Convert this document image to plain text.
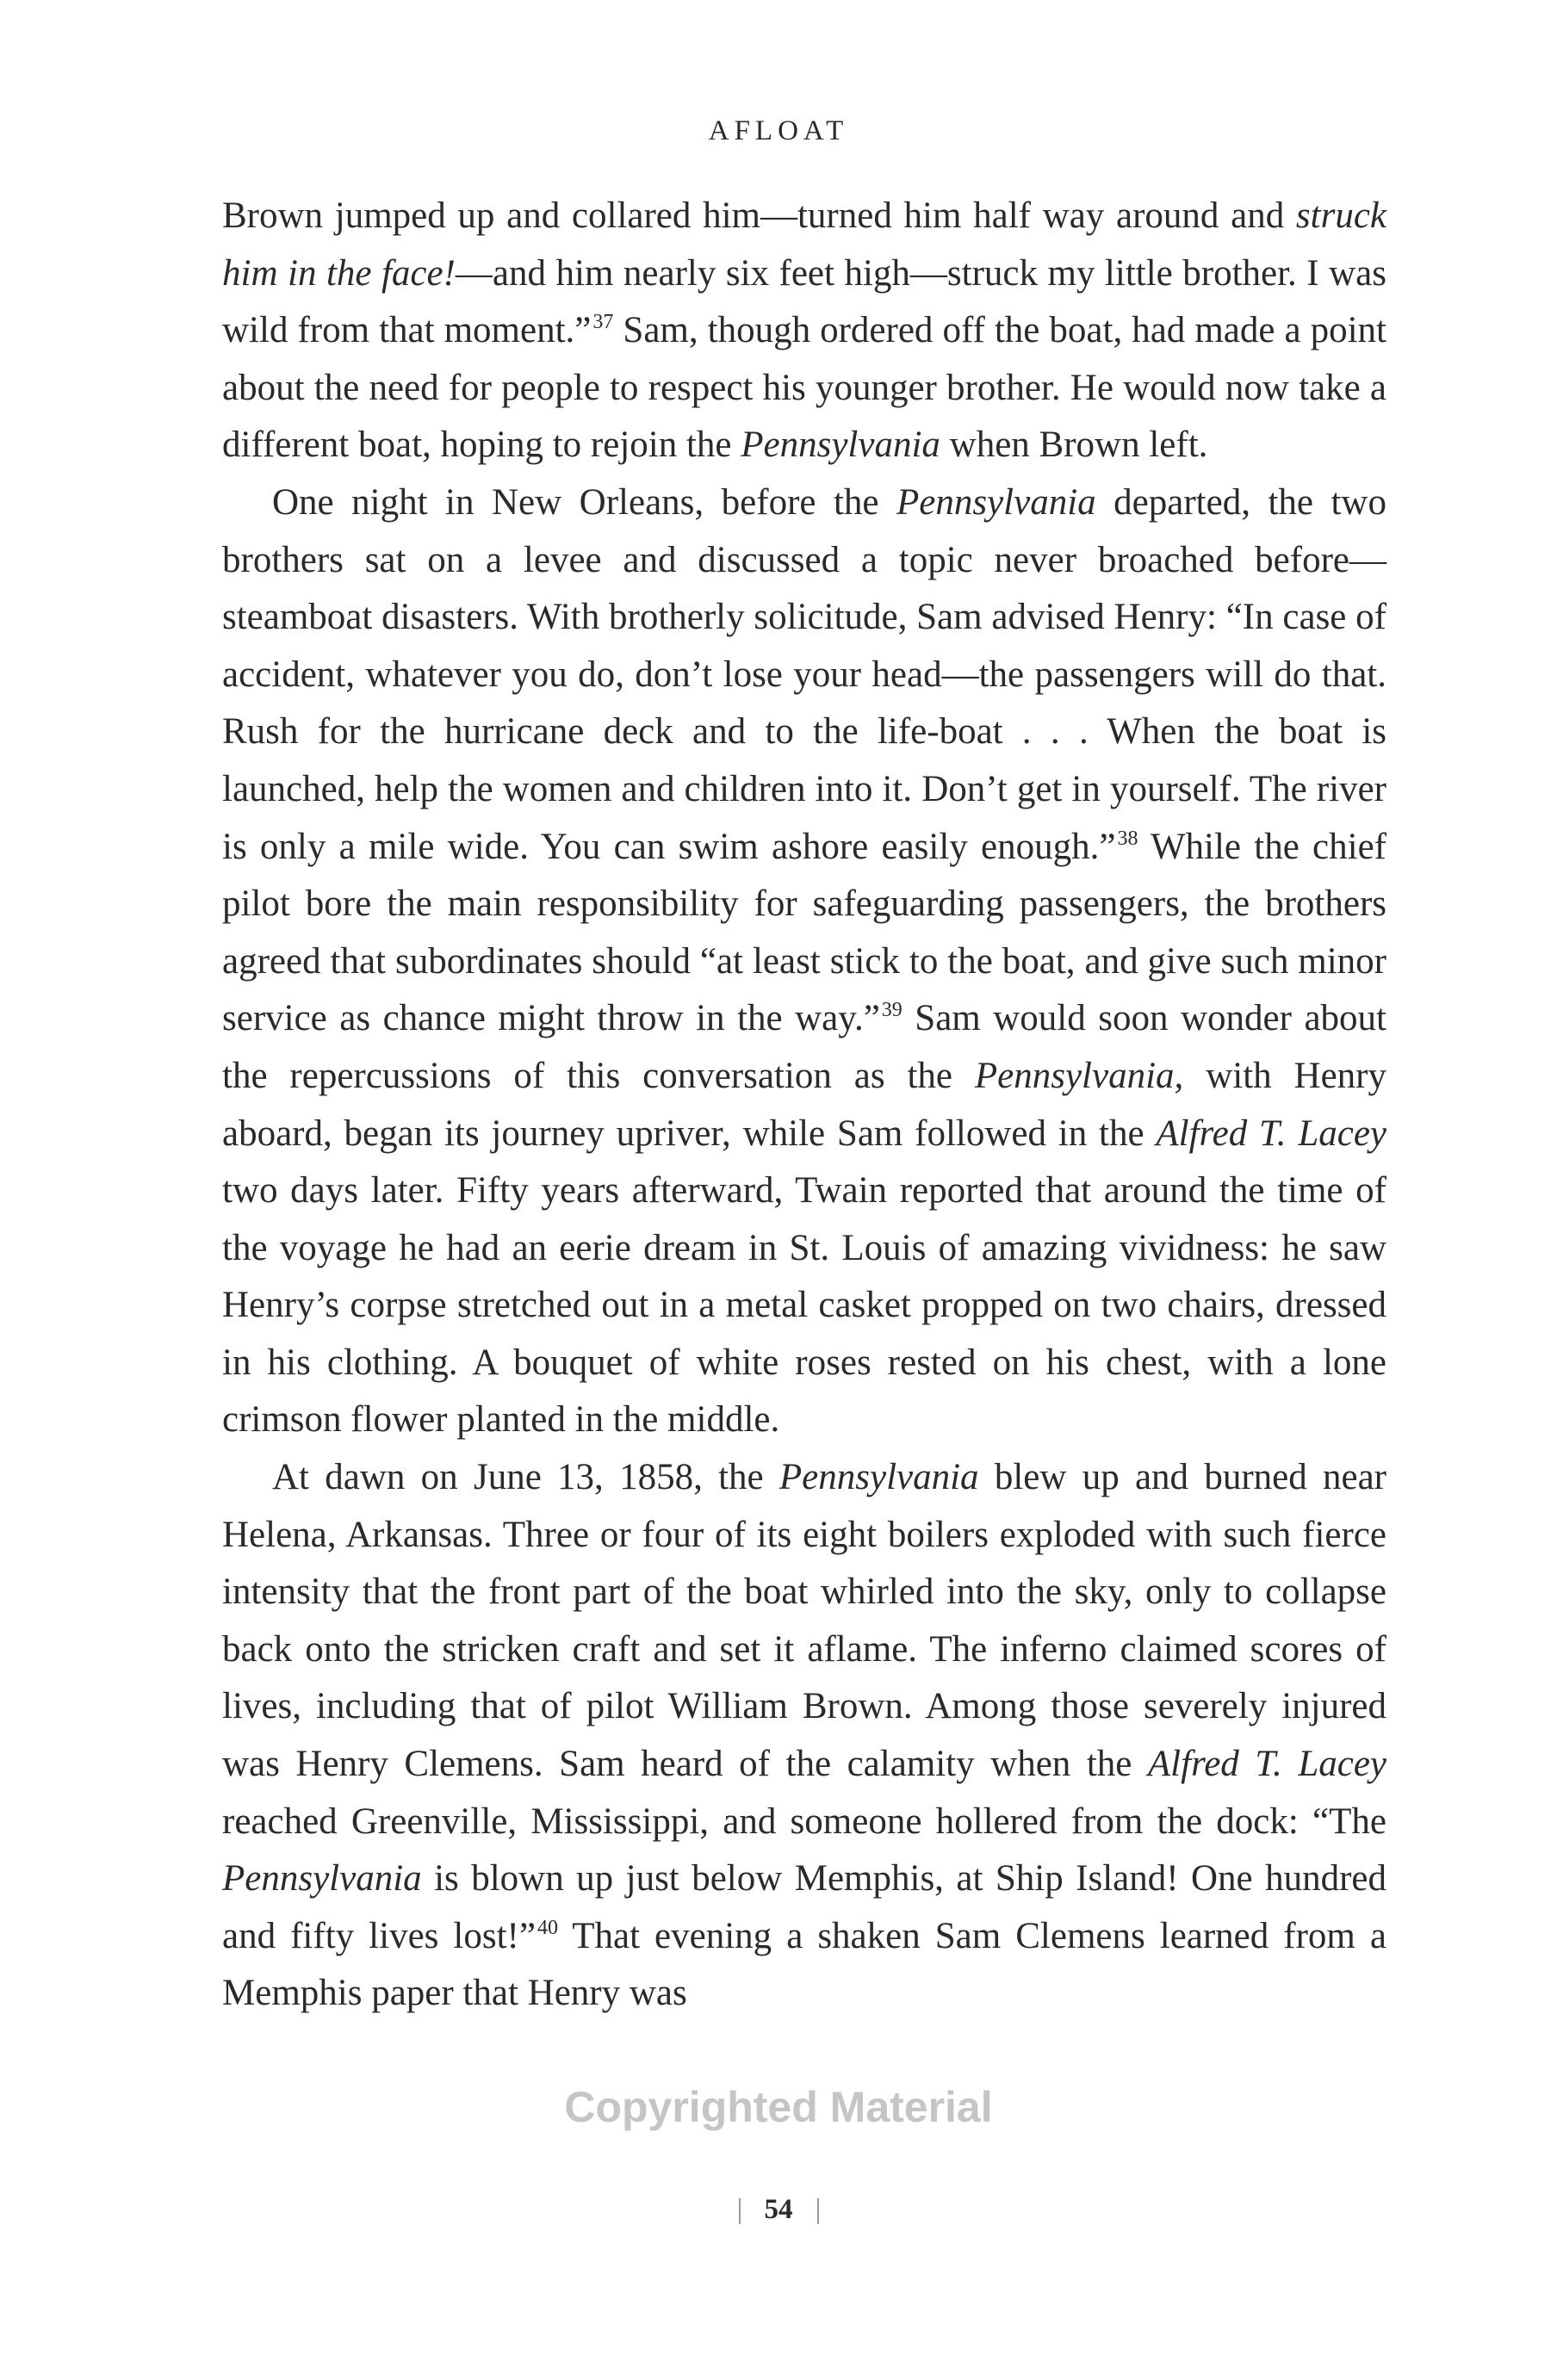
AFLOAT

Brown jumped up and collared him—turned him half way around and struck him in the face!—and him nearly six feet high—struck my little brother. I was wild from that moment.”$^{37}$ Sam, though ordered off the boat, had made a point about the need for people to respect his younger brother. He would now take a different boat, hoping to rejoin the Pennsylvania when Brown left.

One night in New Orleans, before the Pennsylvania departed, the two brothers sat on a levee and discussed a topic never broached before—steamboat disasters. With brotherly solicitude, Sam advised Henry: “In case of accident, whatever you do, don’t lose your head—the passengers will do that. Rush for the hurricane deck and to the life-boat . . . When the boat is launched, help the women and children into it. Don’t get in yourself. The river is only a mile wide. You can swim ashore easily enough.”$^{38}$ While the chief pilot bore the main responsibility for safeguarding passengers, the brothers agreed that subordinates should “at least stick to the boat, and give such minor service as chance might throw in the way.”$^{39}$ Sam would soon wonder about the repercussions of this conversation as the Pennsylvania, with Henry aboard, began its journey upriver, while Sam followed in the Alfred T. Lacey two days later. Fifty years afterward, Twain reported that around the time of the voyage he had an eerie dream in St. Louis of amazing vividness: he saw Henry’s corpse stretched out in a metal casket propped on two chairs, dressed in his clothing. A bouquet of white roses rested on his chest, with a lone crimson flower planted in the middle.

At dawn on June 13, 1858, the Pennsylvania blew up and burned near Helena, Arkansas. Three or four of its eight boilers exploded with such fierce intensity that the front part of the boat whirled into the sky, only to collapse back onto the stricken craft and set it aflame. The inferno claimed scores of lives, including that of pilot William Brown. Among those severely injured was Henry Clemens. Sam heard of the calamity when the Alfred T. Lacey reached Greenville, Mississippi, and someone hollered from the dock: “The Pennsylvania is blown up just below Memphis, at Ship Island! One hundred and fifty lives lost!”$^{40}$ That evening a shaken Sam Clemens learned from a Memphis paper that Henry was

Copyrighted Material
54
